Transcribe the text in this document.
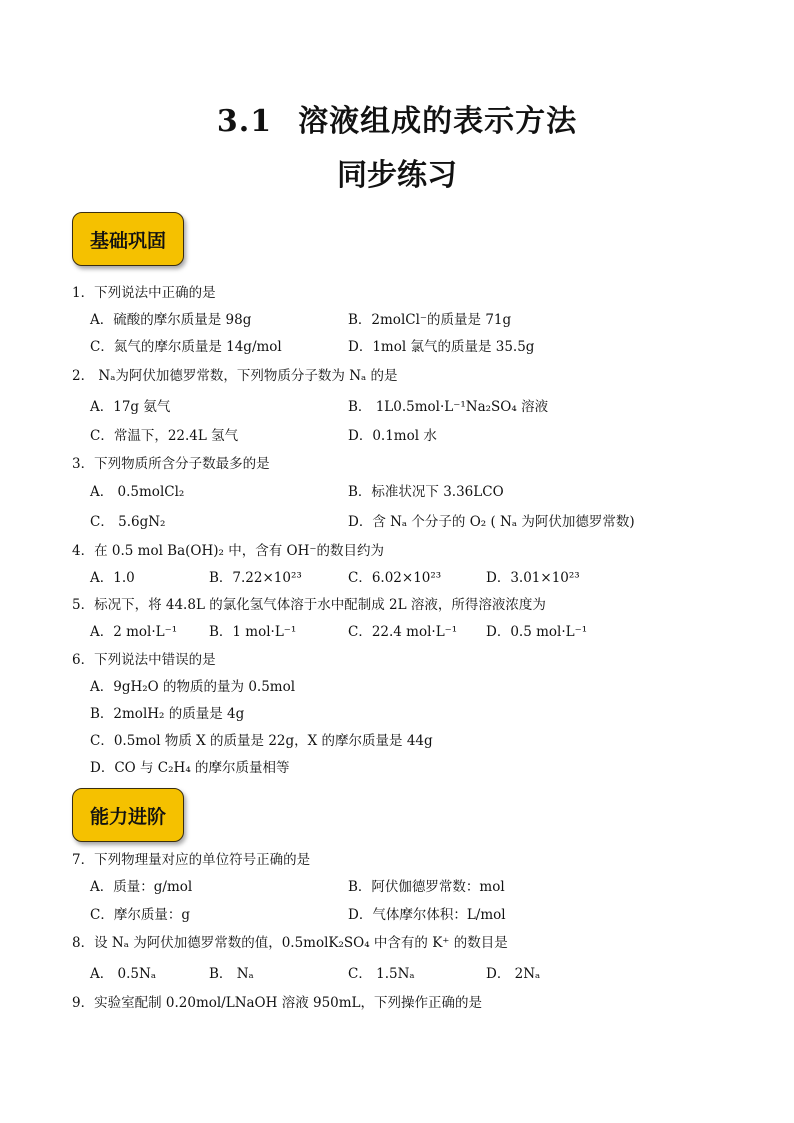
3.1 溶液组成的表示方法
同步练习
基础巩固
1．下列说法中正确的是
A．硫酸的摩尔质量是 98g	B．2molCl⁻的质量是 71g
C．氮气的摩尔质量是 14g/mol	D．1mol 氯气的质量是 35.5g
2． Nₐ为阿伏加德罗常数，下列物质分子数为 Nₐ 的是
A．17g 氨气	B． 1L0.5mol·L⁻¹Na₂SO₄ 溶液
C．常温下，22.4L 氢气	D．0.1mol 水
3．下列物质所含分子数最多的是
A． 0.5molCl₂	B．标准状况下 3.36LCO
C． 5.6gN₂	D．含 Nₐ 个分子的 O₂ ( Nₐ 为阿伏加德罗常数)
4．在 0.5 mol Ba(OH)₂ 中，含有 OH⁻的数目约为
A．1.0	B．7.22×10²³	C．6.02×10²³	D．3.01×10²³
5．标况下，将 44.8L 的氯化氢气体溶于水中配制成 2L 溶液，所得溶液浓度为
A．2 mol·L⁻¹ B．1 mol·L⁻¹	C．22.4 mol·L⁻¹ D．0.5 mol·L⁻¹
6．下列说法中错误的是
A．9gH₂O 的物质的量为 0.5mol
B．2molH₂ 的质量是 4g
C．0.5mol 物质 X 的质量是 22g，X 的摩尔质量是 44g
D．CO 与 C₂H₄ 的摩尔质量相等
能力进阶
7．下列物理量对应的单位符号正确的是
A．质量：g/mol	B．阿伏伽德罗常数：mol
C．摩尔质量：g	D．气体摩尔体积：L/mol
8．设 Nₐ 为阿伏加德罗常数的值，0.5molK₂SO₄ 中含有的 K⁺ 的数目是
A． 0.5Nₐ	B． Nₐ	C． 1.5Nₐ	D． 2Nₐ
9．实验室配制 0.20mol/LNaOH 溶液 950mL，下列操作正确的是
